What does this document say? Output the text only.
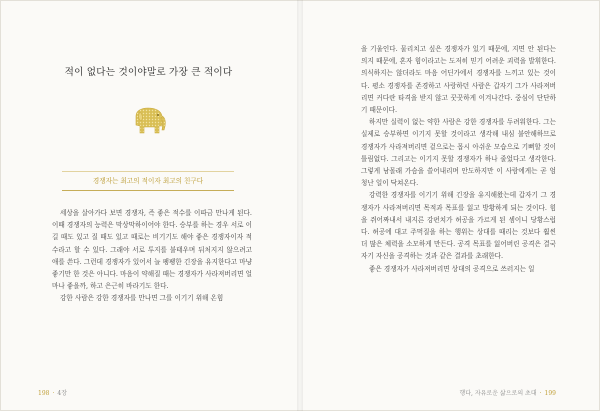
적이 없다는 것이야말로 가장 큰 적이다
경쟁자는 최고의 적이자 최고의 친구다

세상을 살아가다 보면 경쟁자, 즉 좋은 적수를 이따금 만나게 된다. 이때 경쟁자의 능력은 막상막하이어야 한다. 승부를 하는 경우 서로 이길 때도 있고 질 때도 있고 때로는 비기기도 해야 좋은 경쟁자이자 적수라고 할 수 있다. 그래야 서로 투지를 불태우며 뒤처지지 않으려고 애를 쓴다. 그런데 경쟁자가 있어서 늘 팽팽한 긴장을 유지한다고 마냥 좋기만 한 것은 아니다. 마음이 약해질 때는 경쟁자가 사라져버리면 얼마나 좋을까, 하고 은근히 바라기도 한다.

강한 사람은 강한 경쟁자를 만나면 그를 이기기 위해 온힘

을 기울인다. 물리치고 싶은 경쟁자가 있기 때문에, 지면 안 된다는 의지 때문에, 혼자 힘이라고는 도저히 믿기 어려운 괴력을 발휘한다. 의식하지는 않더라도 마음 어딘가에서 경쟁자를 느끼고 있는 것이다. 평소 경쟁자를 존경하고 사랑하던 사람은 갑자기 그가 사라져버리면 커다란 타격을 받지 않고 꿋꿋하게 이겨나간다. 중심이 단단하기 때문이다.

하지만 실력이 없는 약한 사람은 강한 경쟁자를 두려워한다. 그는 실제로 승부하면 이기지 못할 것이라고 생각해 내심 불안해하므로 경쟁자가 사라져버리면 겉으로는 몹시 아쉬운 모습으로 기뻐할 것이 틀림없다. 그리고는 이기지 못할 경쟁자가 하나 줄었다고 생각한다. 그렇게 남몰래 가슴을 쓸어내리며 안도하지만 이 사람에게는 곧 엄청난 일이 닥쳐온다.

강력한 경쟁자를 이기기 위해 긴장을 유지해왔는데 갑자기 그 경쟁자가 사라져버리면 목적과 목표를 잃고 방황하게 되는 것이다. 힘을 쥐어짜내서 내지른 강펀치가 허공을 가르게 된 셈이니 당황스럽다. 허공에 대고 주먹질을 하는 행위는 상대를 때리는 것보다 훨씬 더 많은 체력을 소모하게 만든다. 공격 목표를 잃어버린 공격은 결국 자기 자신을 공격하는 것과 같은 결과를 초래한다.

좋은 경쟁자가 사라져버리면 상대의 공격으로 쓰러지는 일

198 · 4장	행다, 자유로운 삶으로의 초대 · 199
